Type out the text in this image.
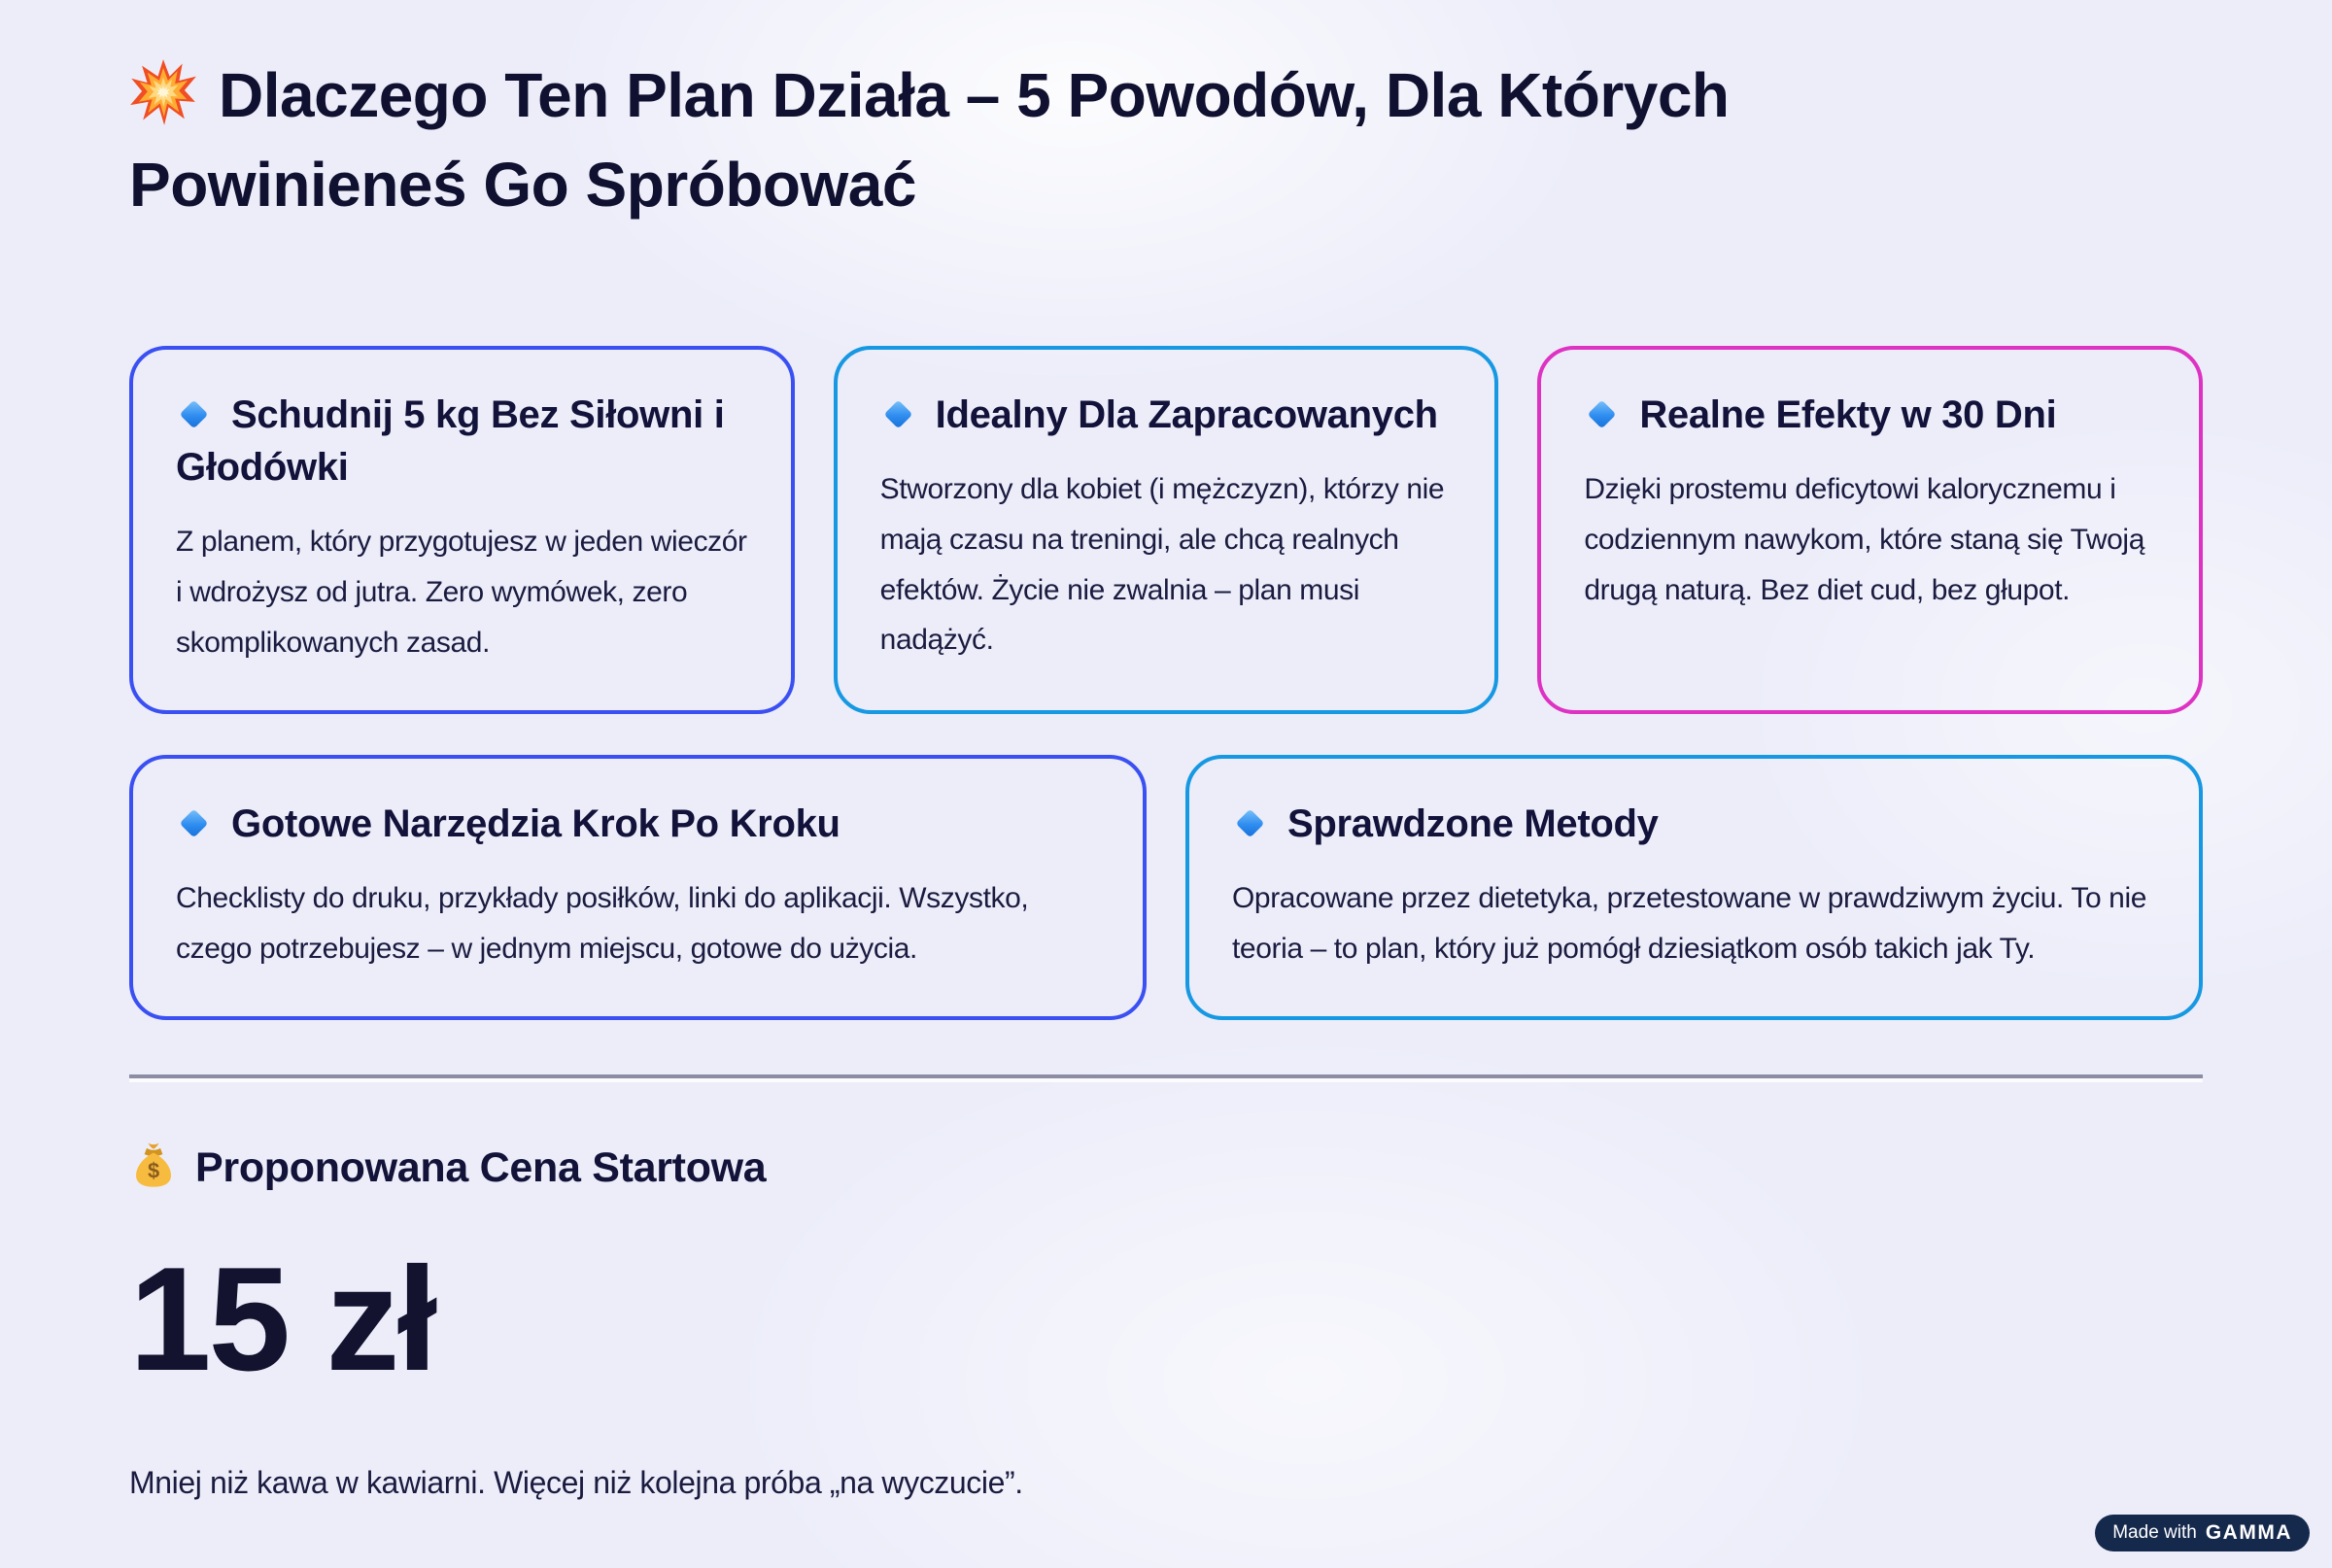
Dlaczego Ten Plan Działa – 5 Powodów, Dla Których
Powinieneś Go Spróbować
Schudnij 5 kg Bez Siłowni i Głodówki

Z planem, który przygotujesz w jeden wieczór i wdrożysz od jutra. Zero wymówek, zero skomplikowanych zasad.

Idealny Dla Zapracowanych

Stworzony dla kobiet (i mężczyzn), którzy nie mają czasu na treningi, ale chcą realnych efektów. Życie nie zwalnia – plan musi nadążyć.

Realne Efekty w 30 Dni

Dzięki prostemu deficytowi kalorycznemu i codziennym nawykom, które staną się Twoją drugą naturą. Bez diet cud, bez głupot.

Gotowe Narzędzia Krok Po Kroku

Checklisty do druku, przykłady posiłków, linki do aplikacji. Wszystko, czego potrzebujesz – w jednym miejscu, gotowe do użycia.

Sprawdzone Metody

Opracowane przez dietetyka, przetestowane w prawdziwym życiu. To nie teoria – to plan, który już pomógł dziesiątkom osób takich jak Ty.

$ Proponowana Cena Startowa
15 zł

Mniej niż kawa w kawiarni. Więcej niż kolejna próba „na wyczucie”.

Made with GAMMA
